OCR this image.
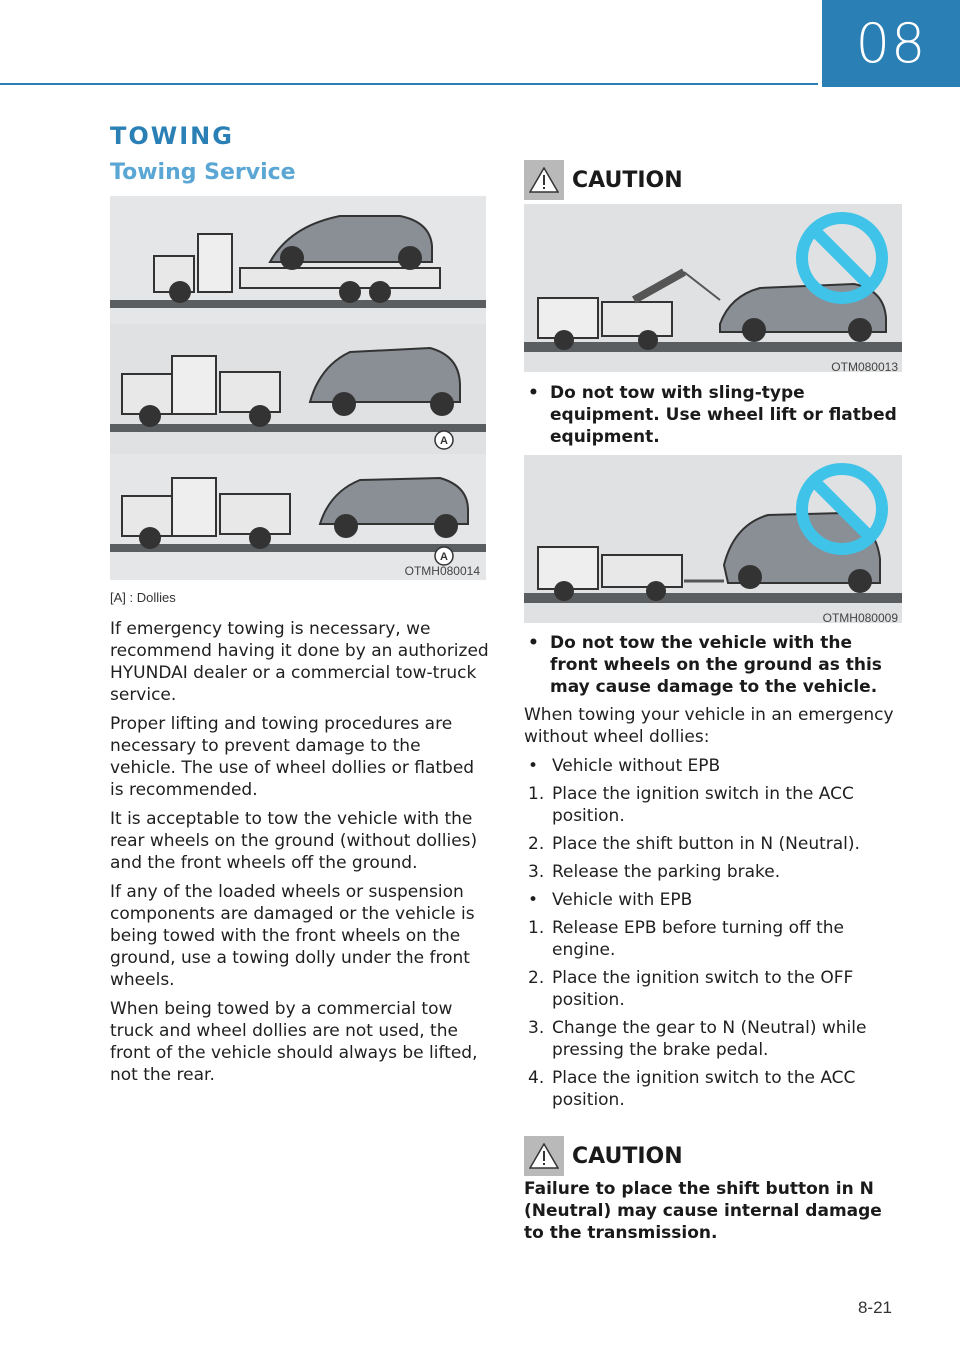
08
TOWING
Towing Service
A
A
OTMH080014
[A] : Dollies

If emergency towing is necessary, we recommend having it done by an authorized HYUNDAI dealer or a commercial tow-truck service.

Proper lifting and towing procedures are necessary to prevent damage to the vehicle. The use of wheel dollies or flatbed is recommended.

It is acceptable to tow the vehicle with the rear wheels on the ground (without dollies) and the front wheels off the ground.

If any of the loaded wheels or suspension components are damaged or the vehicle is being towed with the front wheels on the ground, use a towing dolly under the front wheels.

When being towed by a commercial tow truck and wheel dollies are not used, the front of the vehicle should always be lifted, not the rear.

CAUTION
OTM080013
• Do not tow with sling-type equipment. Use wheel lift or flatbed equipment.
OTMH080009
• Do not tow the vehicle with the front wheels on the ground as this may cause damage to the vehicle.

When towing your vehicle in an emergency without wheel dollies:

• Vehicle without EPB
1. Place the ignition switch in the ACC position.
2. Place the shift button in N (Neutral).
3. Release the parking brake.
• Vehicle with EPB
1. Release EPB before turning off the engine.
2. Place the ignition switch to the OFF position.
3. Change the gear to N (Neutral) while pressing the brake pedal.
4. Place the ignition switch to the ACC position.
CAUTION
Failure to place the shift button in N (Neutral) may cause internal damage to the transmission.
8-21
